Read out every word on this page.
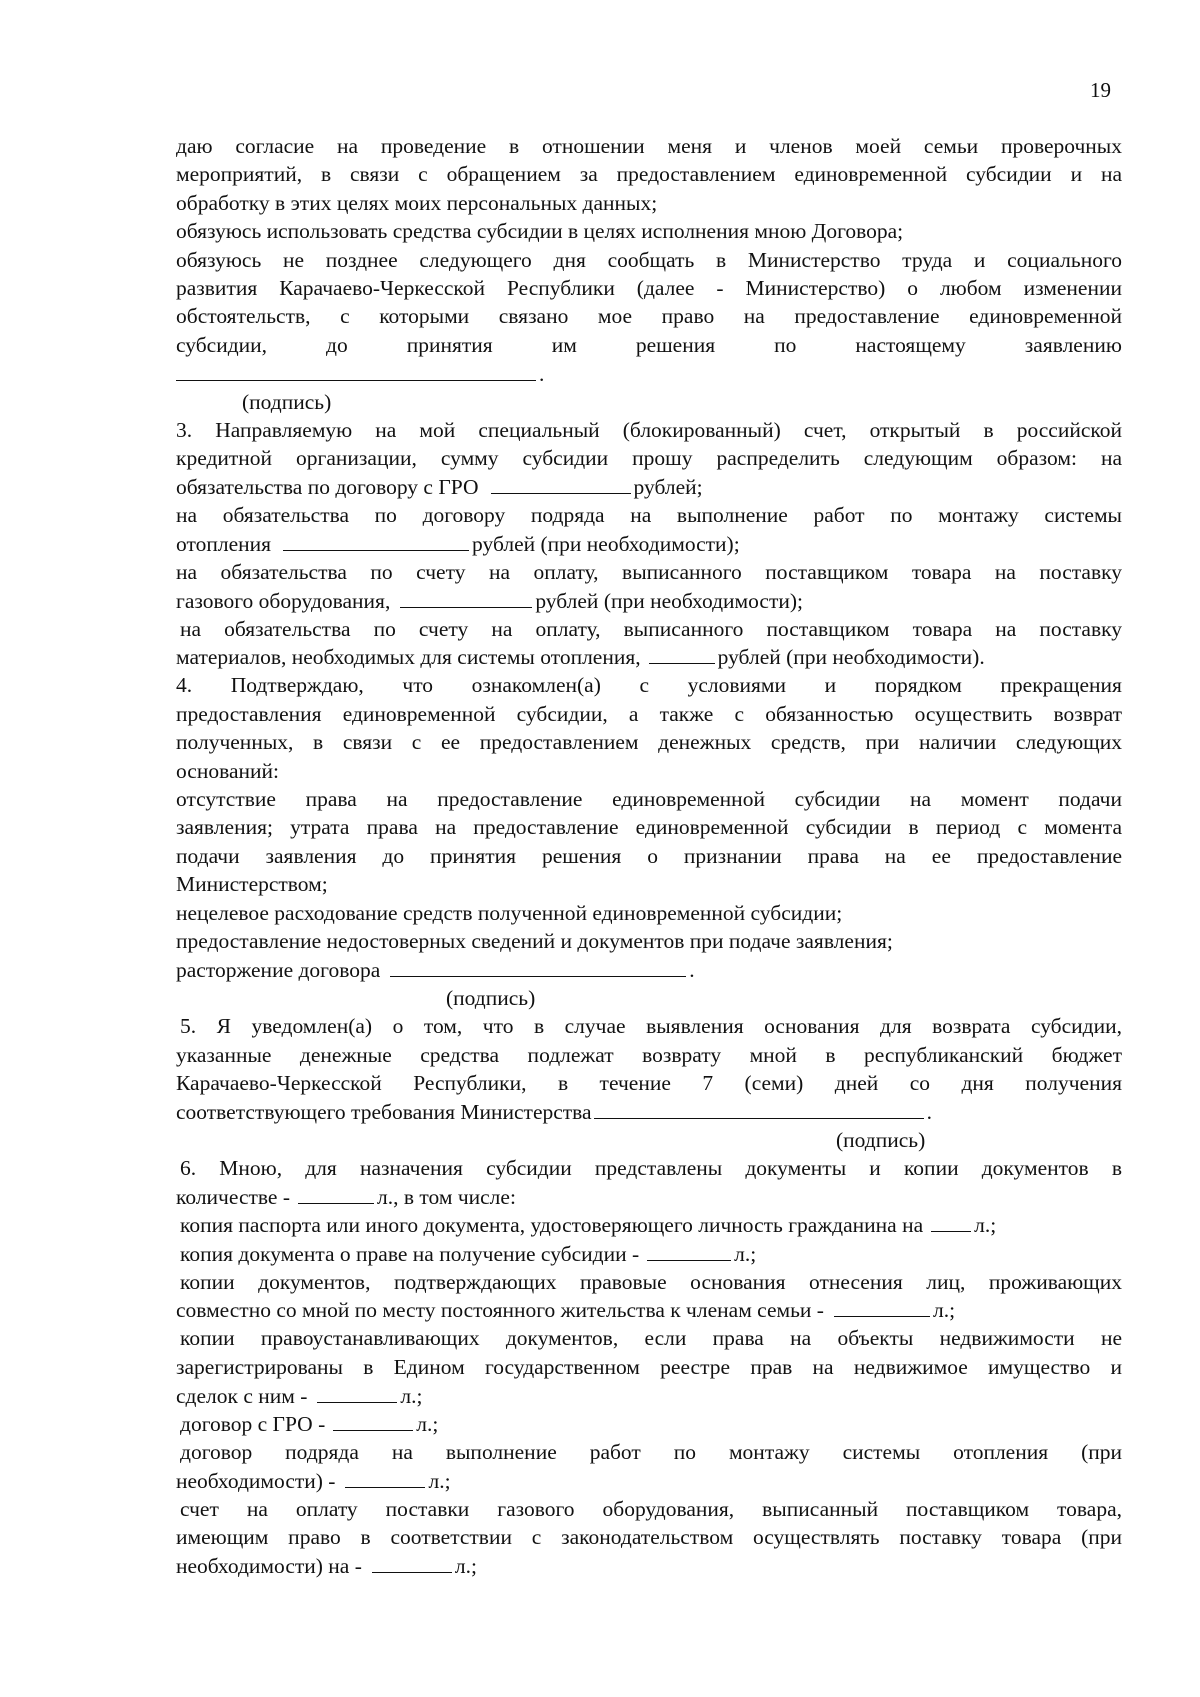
19
даю согласие на проведение в отношении меня и членов моей семьи проверочных
мероприятий, в связи с обращением за предоставлением единовременной субсидии и на
обработку в этих целях моих персональных данных;
обязуюсь использовать средства субсидии в целях исполнения мною Договора;
обязуюсь не позднее следующего дня сообщать в Министерство труда и социального
развития Карачаево-Черкесской Республики (далее - Министерство) о любом изменении
обстоятельств, с которыми связано мое право на предоставление единовременной
субсидии,	до	принятия	им	решения	по	настоящему	заявлению
.
(подпись)
3. Направляемую на мой специальный (блокированный) счет, открытый в российской
кредитной организации, сумму субсидии прошу распределить следующим образом: на
обязательства по договору с ГРО	рублей;
на обязательства по договору подряда на выполнение работ по монтажу системы
отопления	рублей (при необходимости);
на обязательства по счету на оплату, выписанного поставщиком товара на поставку
газового оборудования,	рублей (при необходимости);
на обязательства по счету на оплату, выписанного поставщиком товара на поставку
материалов, необходимых для системы отопления,	рублей (при необходимости).
4. Подтверждаю, что ознакомлен(а) с условиями и порядком прекращения
предоставления единовременной субсидии, а также с обязанностью осуществить возврат
полученных, в связи с ее предоставлением денежных средств, при наличии следующих
оснований:
отсутствие права на предоставление единовременной субсидии на момент подачи
заявления; утрата права на предоставление единовременной субсидии в период с момента
подачи заявления до принятия решения о признании права на ее предоставление
Министерством;
нецелевое расходование средств полученной единовременной субсидии;
предоставление недостоверных сведений и документов при подаче заявления;
расторжение договора	.
(подпись)
5. Я уведомлен(а) о том, что в случае выявления основания для возврата субсидии,
указанные денежные средства подлежат возврату мной в республиканский бюджет
Карачаево-Черкесской Республики, в течение 7 (семи) дней со дня получения
соответствующего требования Министерства	.
(подпись)
6. Мною, для назначения субсидии представлены документы и копии документов в
количестве -	л., в том числе:
копия паспорта или иного документа, удостоверяющего личность гражданина на л.;
копия документа о праве на получение субсидии -	л.;
копии документов, подтверждающих правовые основания отнесения лиц, проживающих
совместно со мной по месту постоянного жительства к членам семьи -	л.;
копии правоустанавливающих документов, если права на объекты недвижимости не
зарегистрированы в Едином государственном реестре прав на недвижимое имущество и
сделок с ним -	л.;
договор с ГРО -	л.;
договор подряда на выполнение работ по монтажу системы отопления (при
необходимости) -	л.;
счет на оплату поставки газового оборудования, выписанный поставщиком товара,
имеющим право в соответствии с законодательством осуществлять поставку товара (при
необходимости) на -	л.;
